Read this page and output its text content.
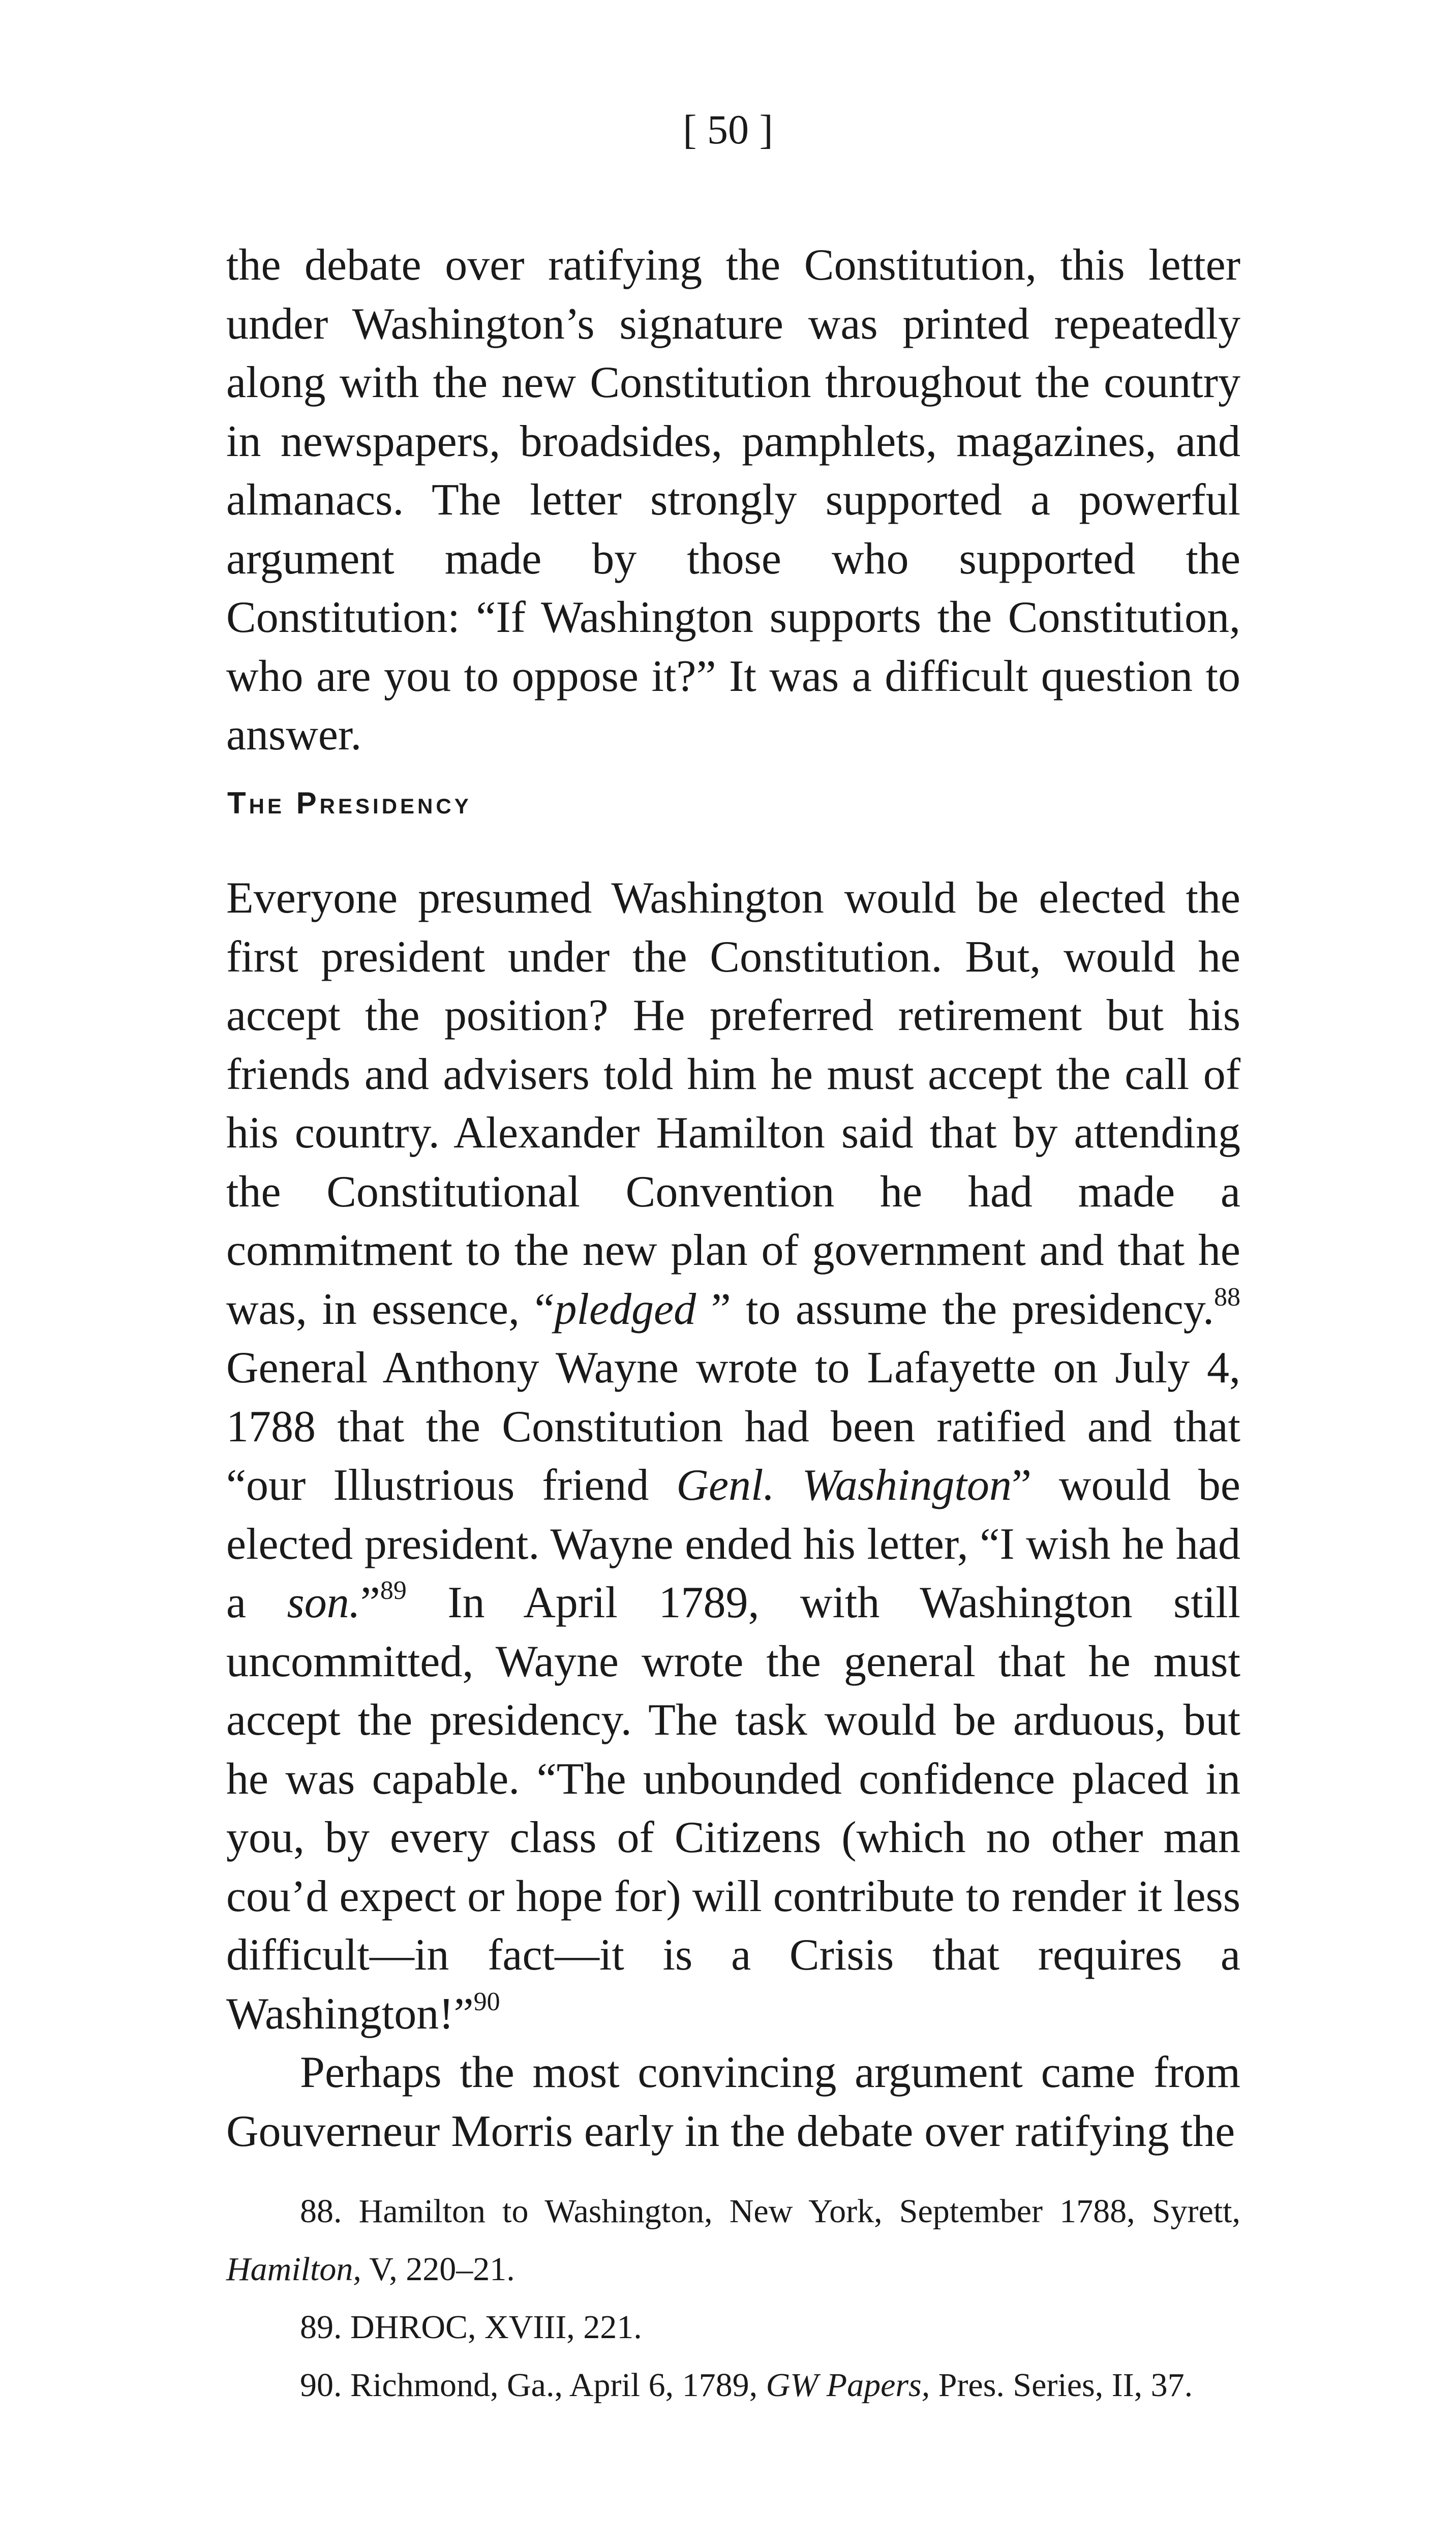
[ 50 ]

the debate over ratifying the Constitution, this letter under Washington’s signature was printed repeatedly along with the new Constitution throughout the country in newspapers, broadsides, pamphlets, magazines, and almanacs. The letter strongly supported a powerful argument made by those who supported the Constitution: “If Washington supports the Constitution, who are you to oppose it?” It was a difficult question to answer.

The Presidency

Everyone presumed Washington would be elected the first president under the Constitution. But, would he accept the position? He preferred retirement but his friends and advisers told him he must accept the call of his country. Alexander Hamilton said that by attending the Constitutional Convention he had made a commitment to the new plan of government and that he was, in essence, “pledged ” to assume the presidency.$^{88}$ General Anthony Wayne wrote to Lafayette on July 4, 1788 that the Constitution had been ratified and that “our Illustrious friend Genl. Washington” would be elected president. Wayne ended his letter, “I wish he had a son.”$^{89}$ In April 1789, with Washington still uncommitted, Wayne wrote the general that he must accept the presidency. The task would be arduous, but he was capable. “The unbounded confidence placed in you, by every class of Citizens (which no other man cou’d expect or hope for) will contribute to render it less difficult—in fact—it is a Crisis that requires a Washington!”$^{90}$

Perhaps the most convincing argument came from Gouverneur Morris early in the debate over ratifying the

88. Hamilton to Washington, New York, September 1788, Syrett, Hamilton, V, 220–21.

89. DHROC, XVIII, 221.

90. Richmond, Ga., April 6, 1789, GW Papers, Pres. Series, II, 37.
